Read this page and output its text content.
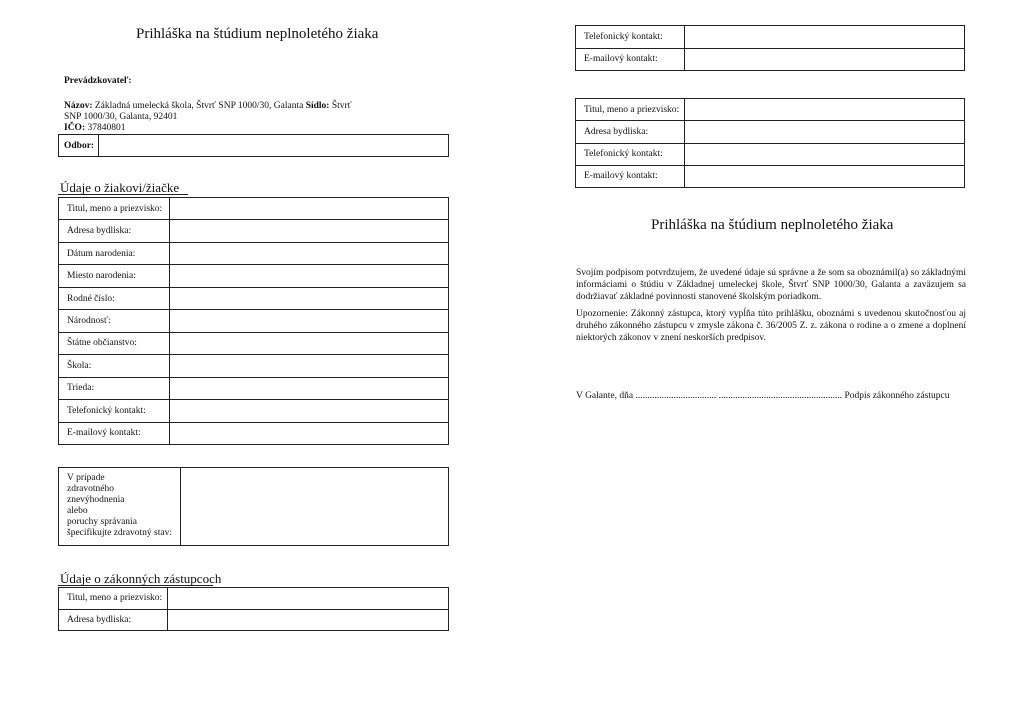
Prihláška na štúdium neplnoletého žiaka
Prevádzkovateľ:
Názov: Základná umelecká škola, Štvrť SNP 1000/30, Galanta Sídlo: Štvrť
SNP 1000/30, Galanta, 92401
IČO: 37840801
Odbor:	
Údaje o žiakovi/žiačke
Titul, meno a priezvisko:	
Adresa bydliska:	
Dátum narodenia:	
Miesto narodenia:	
Rodné číslo:	
Národnosť:	
Štátne občianstvo:	
Škola:	
Trieda:	
Telefonický kontakt:	
E-mailový kontakt:	
V prípade
zdravotného
znevýhodnenia
alebo
poruchy správania
špecifikujte zdravotný stav:

Údaje o zákonných zástupcoch
Titul, meno a priezvisko:	
Adresa bydliska:	
Telefonický kontakt:	
E-mailový kontakt:	
Titul, meno a priezvisko:	
Adresa bydliska:	
Telefonický kontakt:	
E-mailový kontakt:	
Prihláška na štúdium neplnoletého žiaka
Svojím podpisom potvrdzujem, že uvedené údaje sú správne a že som sa oboznámil(a) so základnými informáciami o štúdiu v Základnej umeleckej škole, Štvrť SNP 1000/30, Galanta a zaväzujem sa dodržiavať základné povinnosti stanovené školským poriadkom.
Upozornenie: Zákonný zástupca, ktorý vypĺňa túto prihlášku, oboznámi s uvedenou skutočnosťou aj druhého zákonného zástupcu v zmysle zákona č. 36/2005 Z. z. zákona o rodine a o zmene a doplnení niektorých zákonov v znení neskorších predpisov.
V Galante, dňa .................................. .................................................... Podpis zákonného zástupcu
